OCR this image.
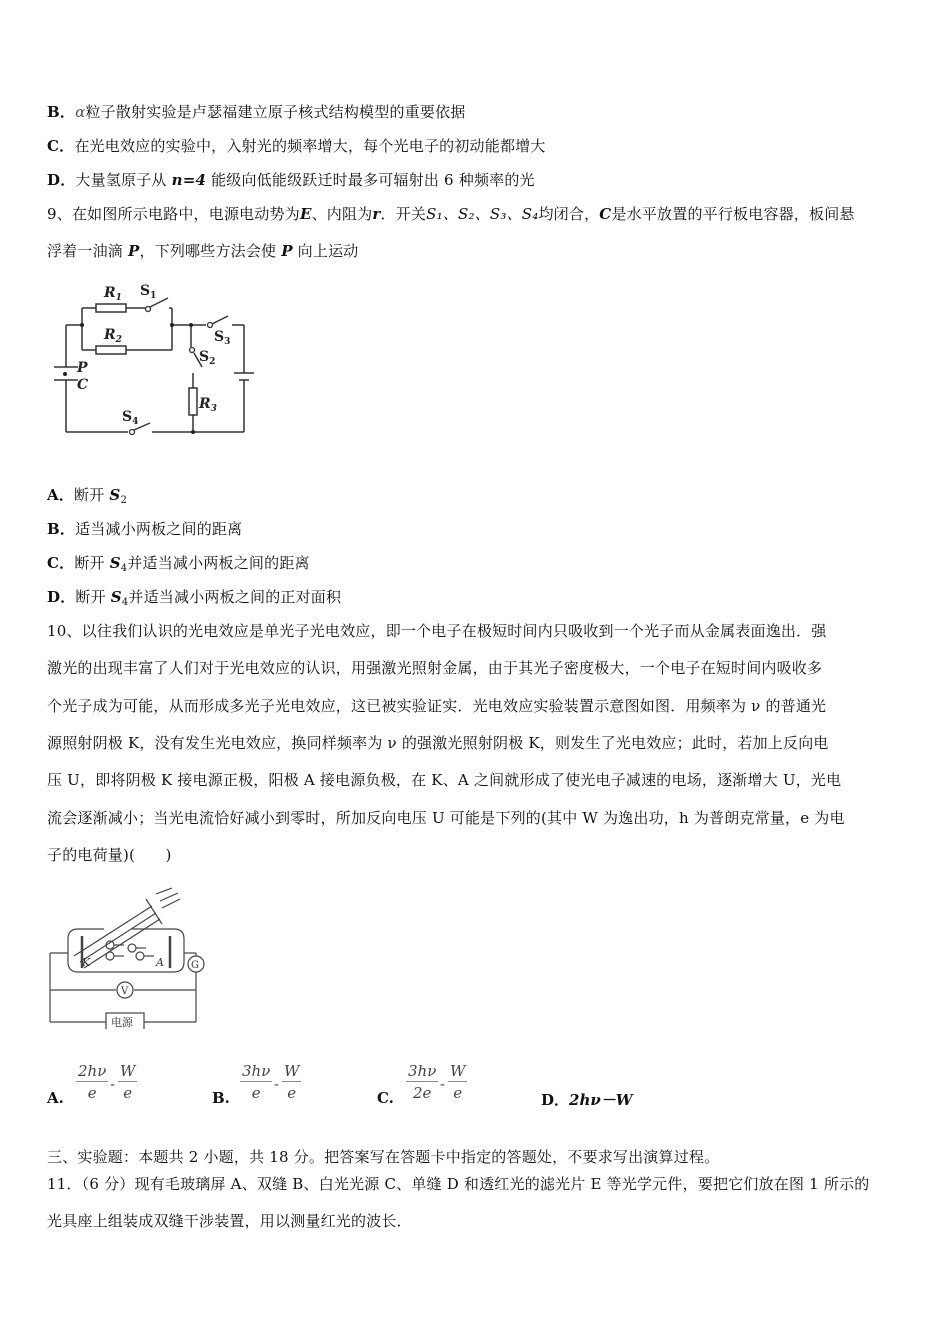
B．α粒子散射实验是卢瑟福建立原子核式结构模型的重要依据
C．在光电效应的实验中，入射光的频率增大，每个光电子的初动能都增大
D．大量氢原子从 n=4 能级向低能级跃迁时最多可辐射出 6 种频率的光
9、在如图所示电路中，电源电动势为E、内阻为r．开关S₁、S₂、S₃、S₄均闭合，C是水平放置的平行板电容器，板间悬
浮着一油滴 P，下列哪些方法会使 P 向上运动
$R_1$ $S_1$
$R_2$	$S_3$
$S_2$
P
C
$R_3$
$S_4$
A．断开 $S_2$
B．适当减小两板之间的距离
C．断开 $S_4$并适当减小两板之间的距离
D．断开 $S_4$并适当减小两板之间的正对面积
10、以往我们认识的光电效应是单光子光电效应，即一个电子在极短时间内只吸收到一个光子而从金属表面逸出．强
激光的出现丰富了人们对于光电效应的认识，用强激光照射金属，由于其光子密度极大，一个电子在短时间内吸收多
个光子成为可能，从而形成多光子光电效应，这已被实验证实．光电效应实验装置示意图如图．用频率为 ν 的普通光
源照射阴极 K，没有发生光电效应，换同样频率为 ν 的强激光照射阴极 K，则发生了光电效应；此时，若加上反向电
压 U，即将阴极 K 接电源正极，阳极 A 接电源负极，在 K、A 之间就形成了使光电子减速的电场，逐渐增大 U，光电
流会逐渐减小；当光电流恰好减小到零时，所加反向电压 U 可能是下列的(其中 W 为逸出功，h 为普朗克常量，e 为电
子的电荷量)(　　)
K	A	G
V
电源
A. $\frac{2h\nu}{e} - \frac{W}{e}$	B. $\frac{3h\nu}{e} - \frac{W}{e}$	C. $\frac{3h\nu}{2e} - \frac{W}{e}$	D．2hν－W
三、实验题：本题共 2 小题，共 18 分。把答案写在答题卡中指定的答题处，不要求写出演算过程。
11．（6 分）现有毛玻璃屏 A、双缝 B、白光光源 C、单缝 D 和透红光的滤光片 E 等光学元件，要把它们放在图 1 所示的
光具座上组装成双缝干涉装置，用以测量红光的波长．
